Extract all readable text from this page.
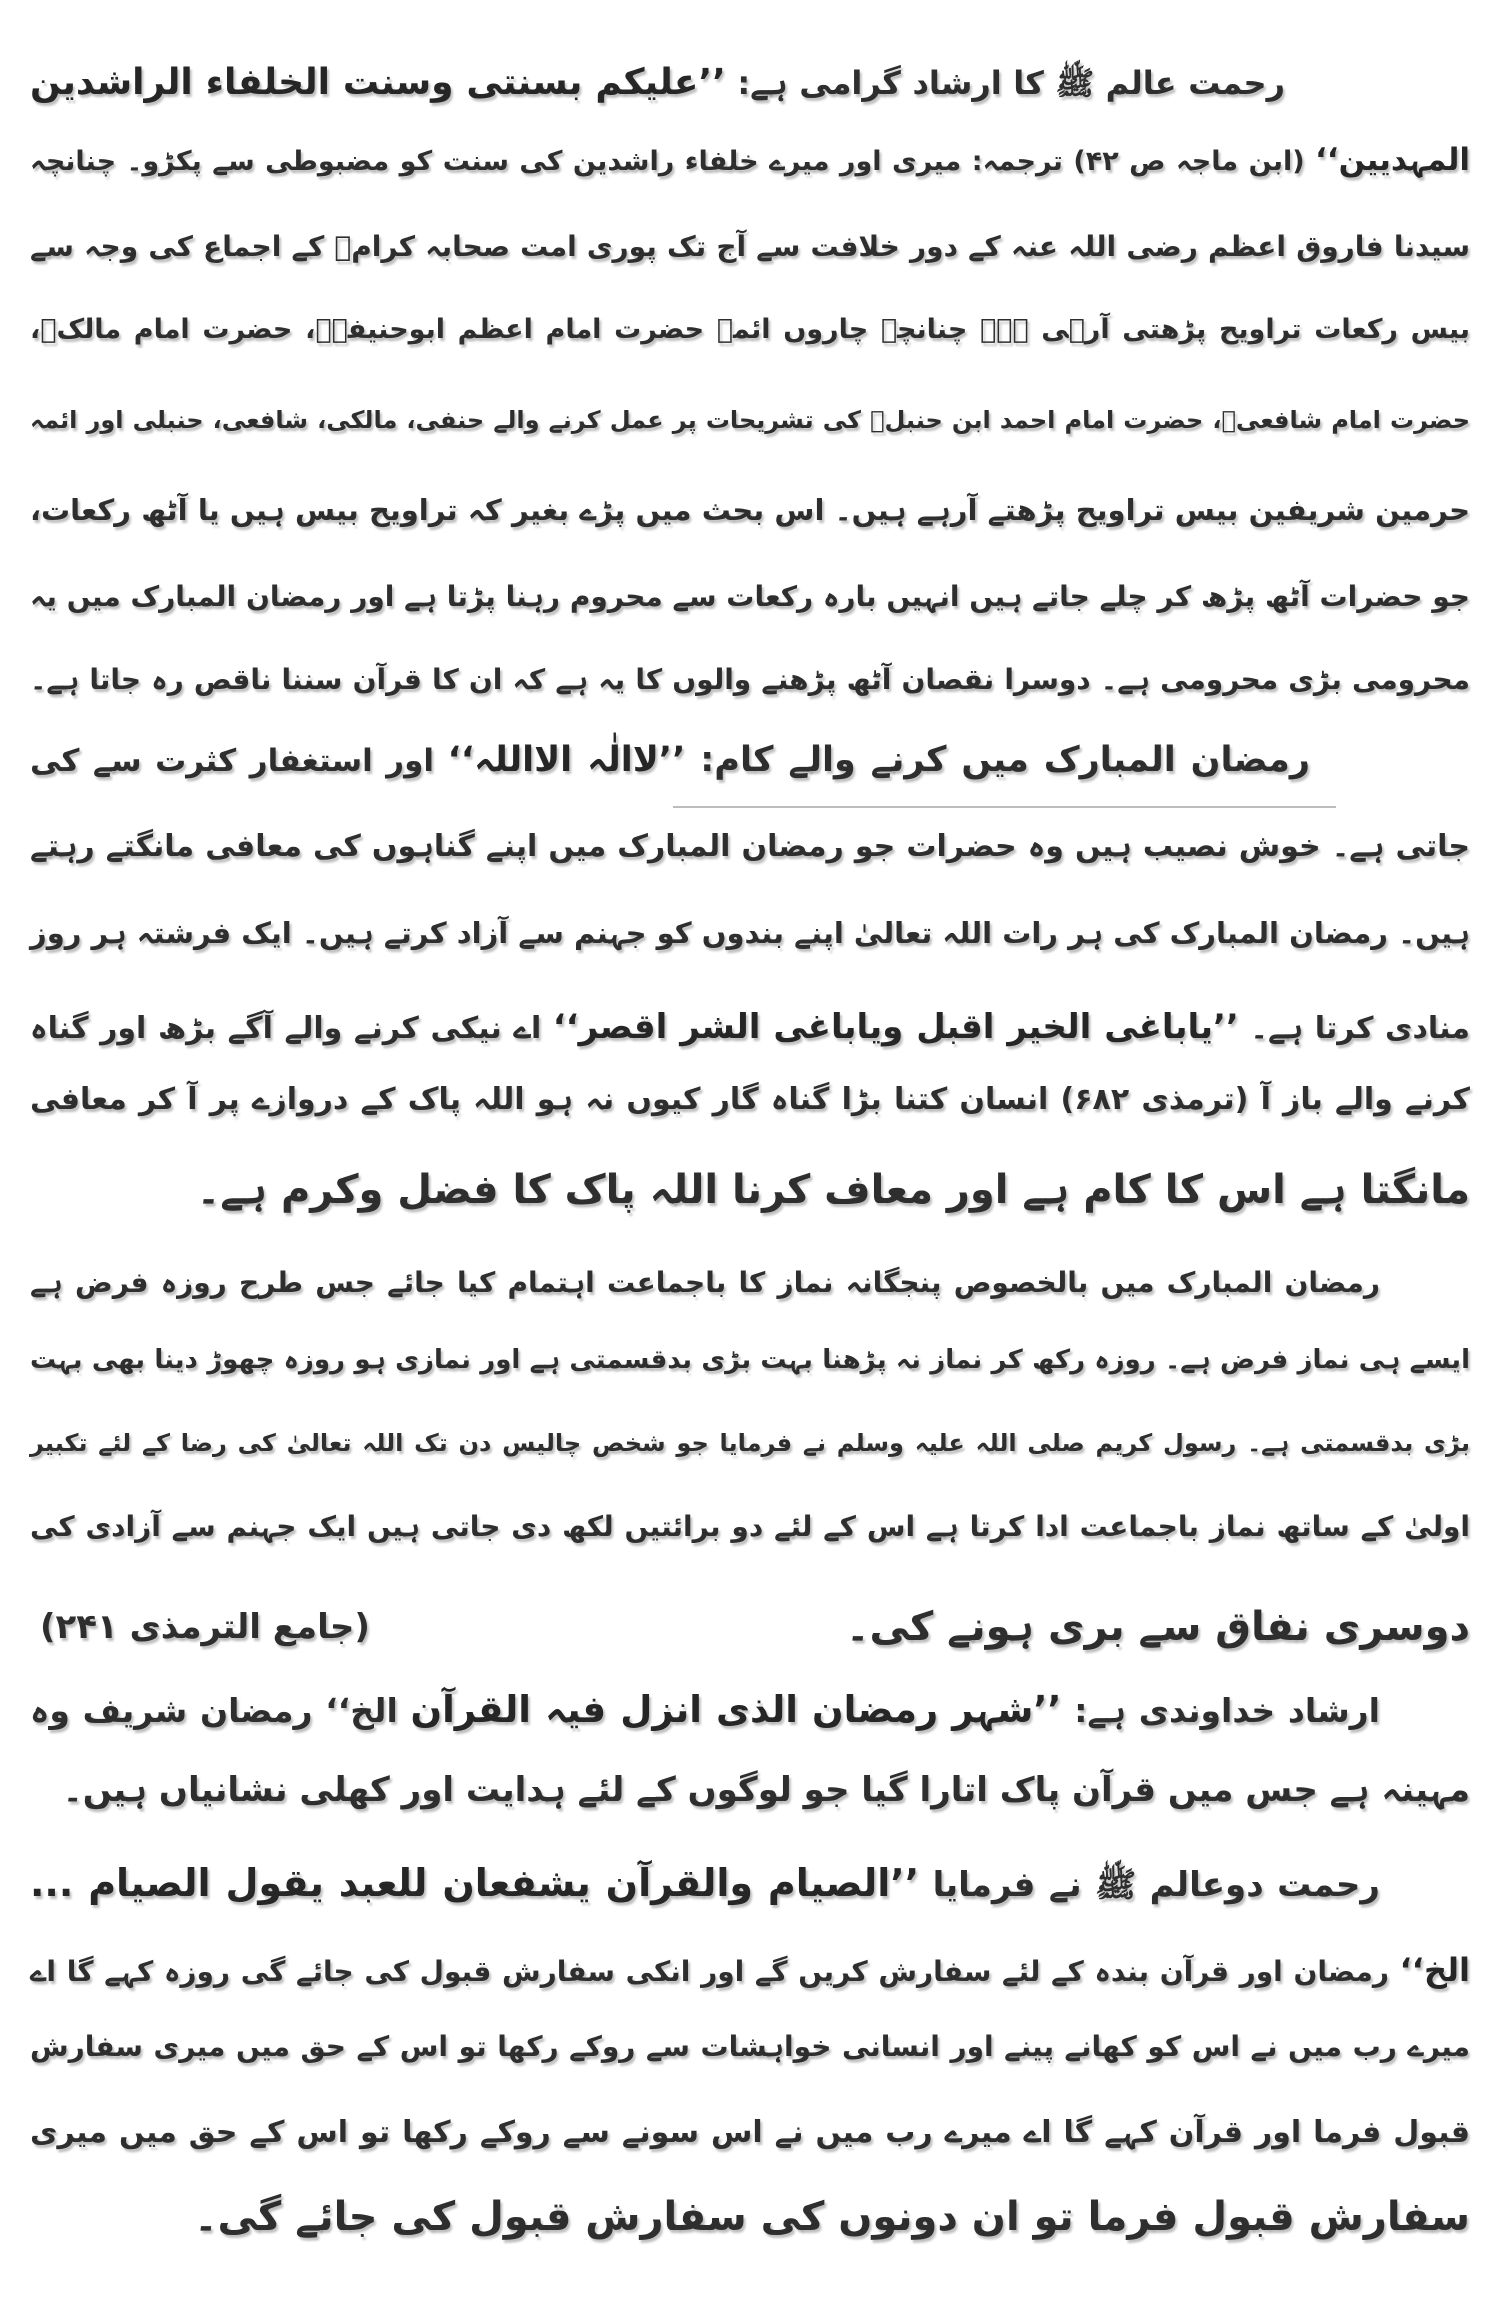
رحمت عالم ﷺ کا ارشاد گرامی ہے: ’’علیکم بسنتی وسنت الخلفاء الراشدین
المہدیین‘‘ (ابن ماجہ ص ۴۲) ترجمہ: میری اور میرے خلفاء راشدین کی سنت کو مضبوطی سے پکڑو۔ چنانچہ
سیدنا فاروق اعظم رضی اللہ عنہ کے دور خلافت سے آج تک پوری امت صحابہ کرامؓ کے اجماع کی وجہ سے
بیس رکعات تراویح پڑھتی آرہی ہے۔ چنانچہ چاروں ائمہ حضرت امام اعظم ابوحنیفہؒ، حضرت امام مالکؒ،
حضرت امام شافعیؒ، حضرت امام احمد ابن حنبلؒ کی تشریحات پر عمل کرنے والے حنفی، مالکی، شافعی، حنبلی اور ائمہ
حرمین شریفین بیس تراویح پڑھتے آرہے ہیں۔ اس بحث میں پڑے بغیر کہ تراویح بیس ہیں یا آٹھ رکعات،
جو حضرات آٹھ پڑھ کر چلے جاتے ہیں انہیں بارہ رکعات سے محروم رہنا پڑتا ہے اور رمضان المبارک میں یہ
محرومی بڑی محرومی ہے۔ دوسرا نقصان آٹھ پڑھنے والوں کا یہ ہے کہ ان کا قرآن سننا ناقص رہ جاتا ہے۔
رمضان المبارک میں کرنے والے کام: ’’لاالٰہ الااللہ‘‘ اور استغفار کثرت سے کی
جاتی ہے۔ خوش نصیب ہیں وہ حضرات جو رمضان المبارک میں اپنے گناہوں کی معافی مانگتے رہتے
ہیں۔ رمضان المبارک کی ہر رات اللہ تعالیٰ اپنے بندوں کو جہنم سے آزاد کرتے ہیں۔ ایک فرشتہ ہر روز
منادی کرتا ہے۔ ’’یاباغی الخیر اقبل ویاباغی الشر اقصر‘‘ اے نیکی کرنے والے آگے بڑھ اور گناہ
کرنے والے باز آ (ترمذی ۶۸۲) انسان کتنا بڑا گناہ گار کیوں نہ ہو اللہ پاک کے دروازے پر آ کر معافی
مانگتا ہے اس کا کام ہے اور معاف کرنا اللہ پاک کا فضل وکرم ہے۔
رمضان المبارک میں بالخصوص پنجگانہ نماز کا باجماعت اہتمام کیا جائے جس طرح روزہ فرض ہے
ایسے ہی نماز فرض ہے۔ روزہ رکھ کر نماز نہ پڑھنا بہت بڑی بدقسمتی ہے اور نمازی ہو روزہ چھوڑ دینا بھی بہت
بڑی بدقسمتی ہے۔ رسول کریم صلی اللہ علیہ وسلم نے فرمایا جو شخص چالیس دن تک اللہ تعالیٰ کی رضا کے لئے تکبیر
اولیٰ کے ساتھ نماز باجماعت ادا کرتا ہے اس کے لئے دو برائتیں لکھ دی جاتی ہیں ایک جہنم سے آزادی کی
دوسری نفاق سے بری ہونے کی۔
ارشاد خداوندی ہے: ’’شہر رمضان الذی انزل فیہ القرآن الخ‘‘ رمضان شریف وہ
مہینہ ہے جس میں قرآن پاک اتارا گیا جو لوگوں کے لئے ہدایت اور کھلی نشانیاں ہیں۔
رحمت دوعالم ﷺ نے فرمایا ’’الصیام والقرآن یشفعان للعبد یقول الصیام ...
الخ‘‘ رمضان اور قرآن بندہ کے لئے سفارش کریں گے اور انکی سفارش قبول کی جائے گی روزہ کہے گا اے
میرے رب میں نے اس کو کھانے پینے اور انسانی خواہشات سے روکے رکھا تو اس کے حق میں میری سفارش
قبول فرما اور قرآن کہے گا اے میرے رب میں نے اس سونے سے روکے رکھا تو اس کے حق میں میری
سفارش قبول فرما تو ان دونوں کی سفارش قبول کی جائے گی۔
(جامع الترمذی ۲۴۱)
